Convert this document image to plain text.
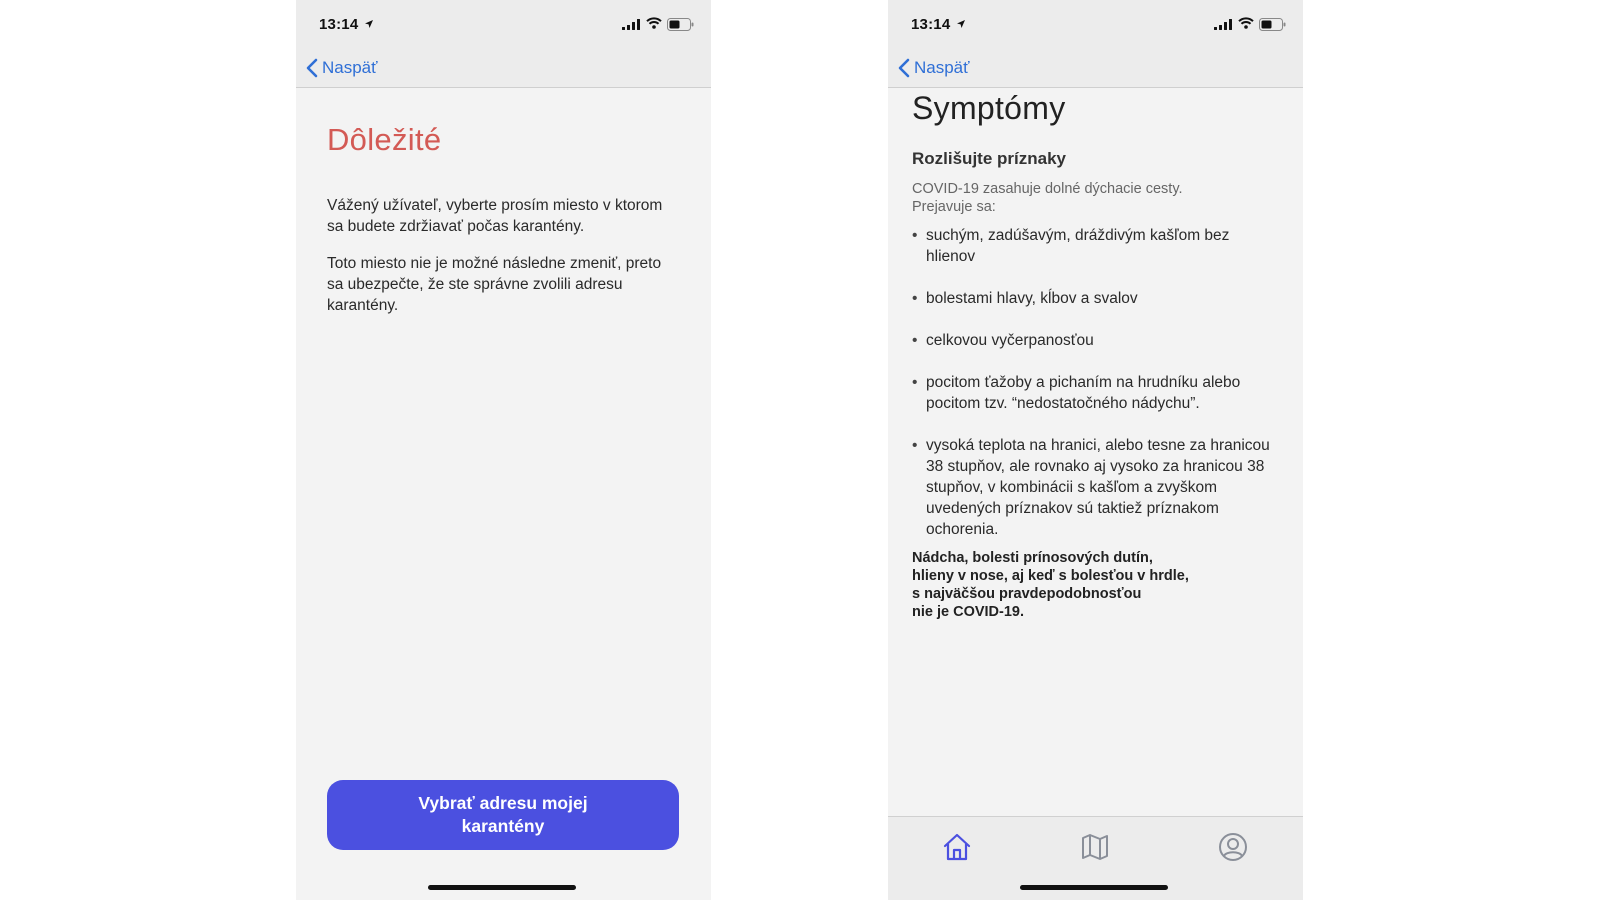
13:14
Naspäť
Dôležité

Vážený užívateľ, vyberte prosím miesto v ktorom sa budete zdržiavať počas karantény.

Toto miesto nie je možné následne zmeniť, preto sa ubezpečte, že ste správne zvolili adresu karantény.

Vybrať adresu mojej karantény
13:14
Naspäť
Symptómy
Rozlišujte príznaky

COVID-19 zasahuje dolné dýchacie cesty. Prejavuje sa:

• suchým, zadúšavým, dráždivým kašľom bez hlienov
• bolestami hlavy, kĺbov a svalov
• celkovou vyčerpanosťou
• pocitom ťažoby a pichaním na hrudníku alebo pocitom tzv. “nedostatočného nádychu”.
• vysoká teplota na hranici, alebo tesne za hranicou 38 stupňov, ale rovnako aj vysoko za hranicou 38 stupňov, v kombinácii s kašľom a zvyškom uvedených príznakov sú taktiež príznakom ochorenia.

Nádcha, bolesti prínosových dutín,
hlieny v nose, aj keď s bolesťou v hrdle,
s najväčšou pravdepodobnosťou
nie je COVID-19.
